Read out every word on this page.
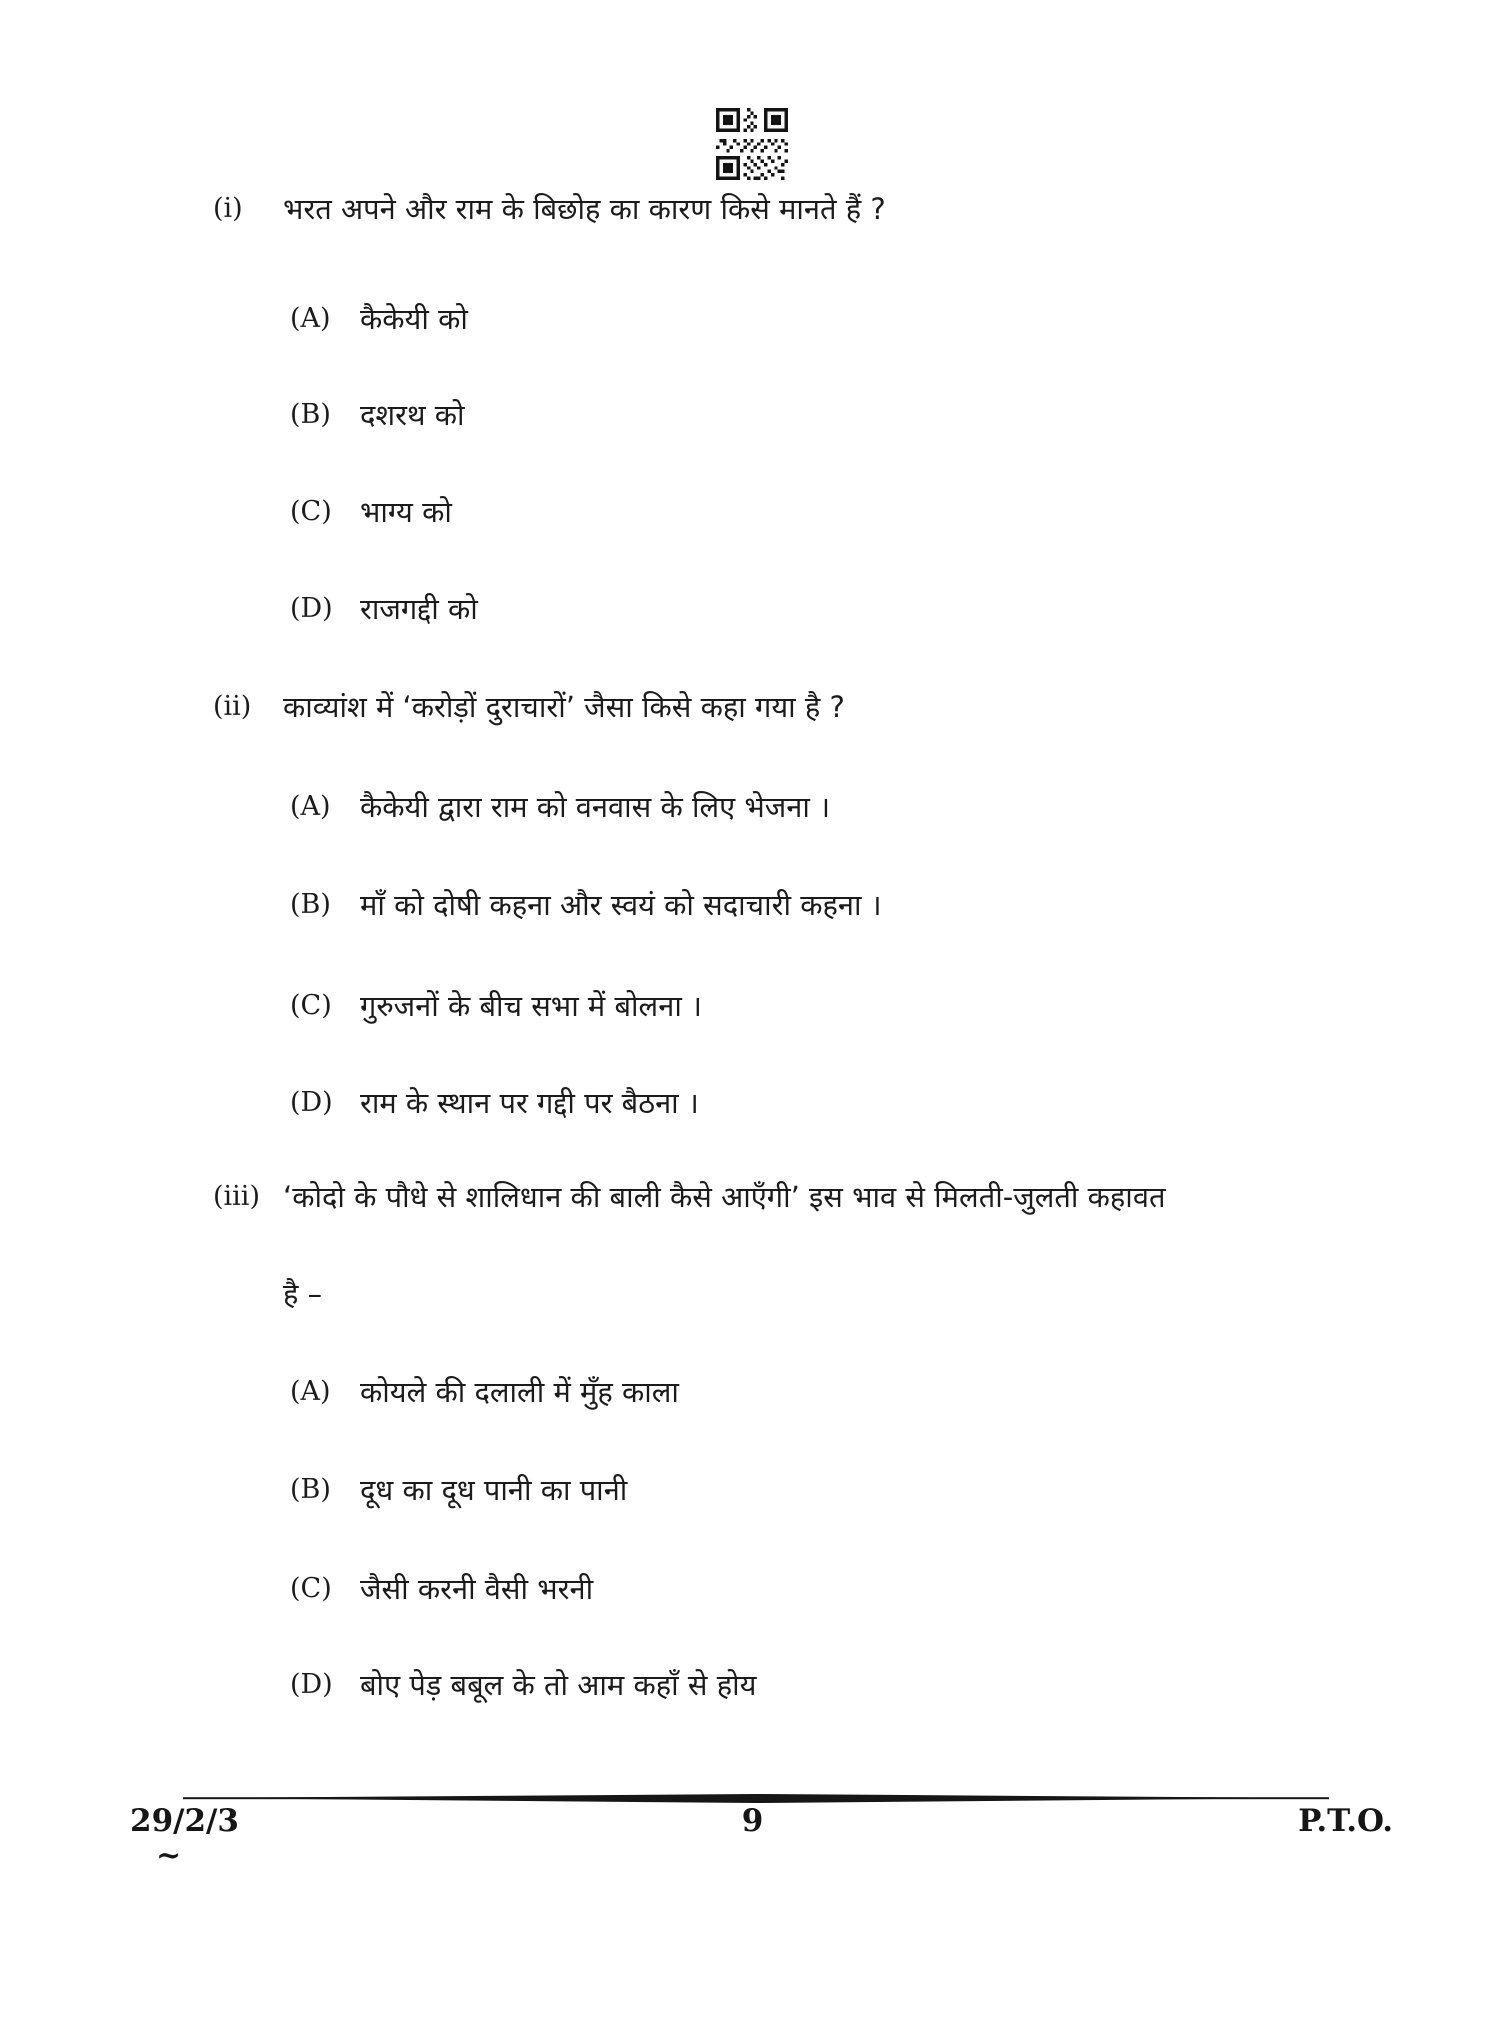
(i)	भरत अपने और राम के बिछोह का कारण किसे मानते हैं ?
(A)	कैकेयी को
(B)	दशरथ को
(C) भाग्य को
(D) राजगद्दी को
(ii)	काव्यांश में ‘करोड़ों दुराचारों’ जैसा किसे कहा गया है ?
(A)	कैकेयी द्वारा राम को वनवास के लिए भेजना ।
(B)	माँ को दोषी कहना और स्वयं को सदाचारी कहना ।
(C) गुरुजनों के बीच सभा में बोलना ।
(D) राम के स्थान पर गद्दी पर बैठना ।
(iii) ‘कोदो के पौधे से शालिधान की बाली कैसे आएँगी’ इस भाव से मिलती-जुलती कहावत
है –
(A)	कोयले की दलाली में मुँह काला
(B)	दूध का दूध पानी का पानी
(C) जैसी करनी वैसी भरनी
(D) बोए पेड़ बबूल के तो आम कहाँ से होय
29/2/3	9	P.T.O.
~
